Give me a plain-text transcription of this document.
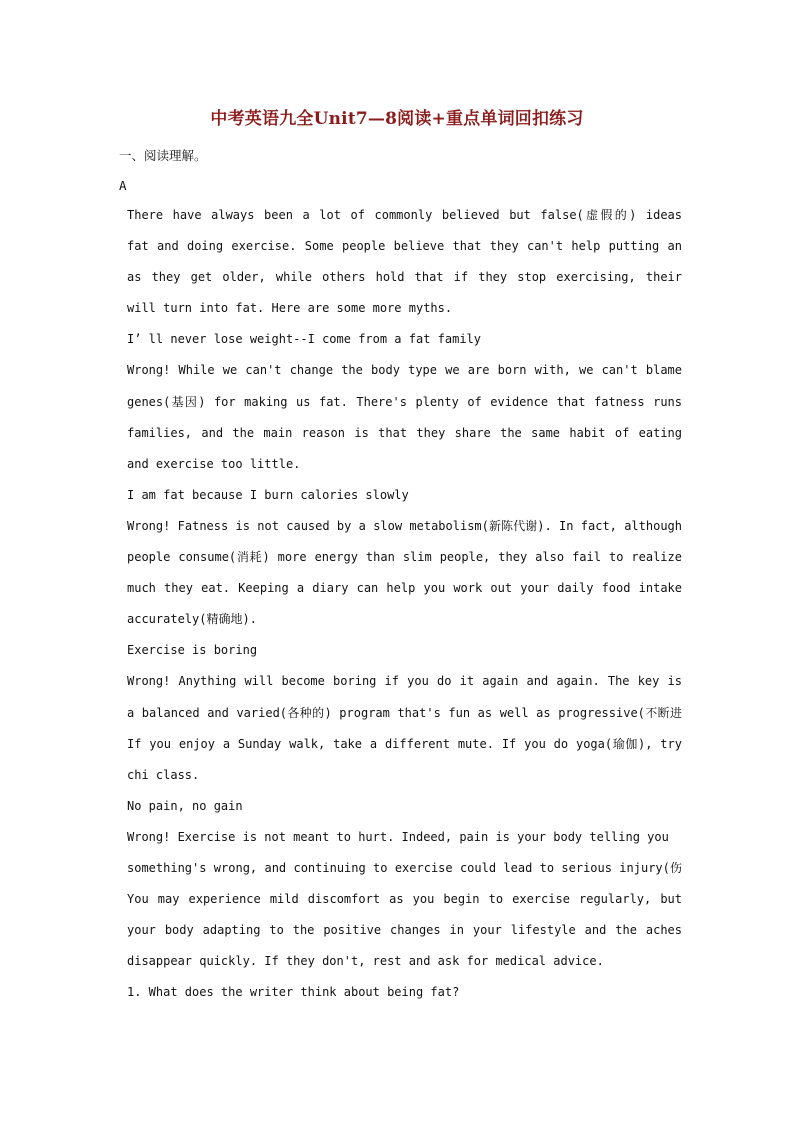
中考英语九全Unit7—8阅读+重点单词回扣练习
一、阅读理解。
A
There have always been a lot of commonly believed but false(虚假的) ideas
fat and doing exercise. Some people believe that they can't help putting an
as they get older, while others hold that if they stop exercising, their
will turn into fat. Here are some more myths.
I’ ll never lose weight--I come from a fat family
Wrong! While we can't change the body type we are born with, we can't blame
genes(基因) for making us fat. There's plenty of evidence that fatness runs
families, and the main reason is that they share the same habit of eating
and exercise too little.
I am fat because I burn calories slowly
Wrong! Fatness is not caused by a slow metabolism(新陈代谢). In fact, although
people consume(消耗) more energy than slim people, they also fail to realize
much they eat. Keeping a diary can help you work out your daily food intake
accurately(精确地).
Exercise is boring
Wrong! Anything will become boring if you do it again and again. The key is
a balanced and varied(各种的) program that's fun as well as progressive(不断进
If you enjoy a Sunday walk, take a different mute. If you do yoga(瑜伽), try
chi class.
No pain, no gain
Wrong! Exercise is not meant to hurt. Indeed, pain is your body telling you
something's wrong, and continuing to exercise could lead to serious injury(伤
You may experience mild discomfort as you begin to exercise regularly, but
your body adapting to the positive changes in your lifestyle and the aches
disappear quickly. If they don't, rest and ask for medical advice.
1. What does the writer think about being fat?
